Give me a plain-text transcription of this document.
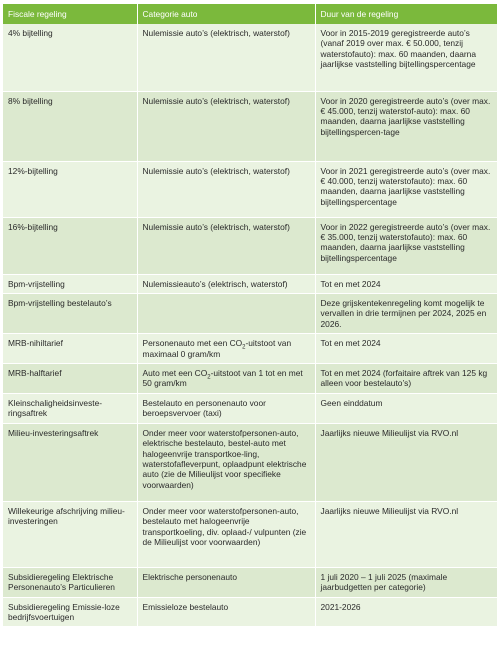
Fiscale regeling	Categorie auto	Duur van de regeling
4% bijtelling	Nulemissie auto’s (elektrisch, waterstof)	Voor in 2015-2019 geregistreerde auto’s (vanaf 2019 over max. € 50.000, tenzij waterstofauto): max. 60 maanden, daarna jaarlijkse vaststelling bijtellingspercentage
8% bijtelling	Nulemissie auto’s (elektrisch, waterstof)	Voor in 2020 geregistreerde auto’s (over max. € 45.000, tenzij waterstof-auto): max. 60 maanden, daarna jaarlijkse vaststelling bijtellingspercen-tage
12%-bijtelling	Nulemissie auto’s (elektrisch, waterstof)	Voor in 2021 geregistreerde auto’s (over max. € 40.000, tenzij waterstofauto): max. 60 maanden, daarna jaarlijkse vaststelling bijtellingspercentage
16%-bijtelling	Nulemissie auto’s (elektrisch, waterstof)	Voor in 2022 geregistreerde auto’s (over max. € 35.000, tenzij waterstofauto): max. 60 maanden, daarna jaarlijkse vaststelling bijtellingspercentage
Bpm-vrijstelling	Nulemissieauto’s (elektrisch, waterstof)	Tot en met 2024
Bpm-vrijstelling bestelauto’s		Deze grijskentekenregeling komt mogelijk te vervallen in drie termijnen per 2024, 2025 en 2026.
MRB-nihiltarief	Personenauto met een $CO_2$-uitstoot van maximaal 0 gram/km	Tot en met 2024
MRB-halftarief	Auto met een $CO_2$-uitstoot van 1 tot en met 50 gram/km	Tot en met 2024 (forfaitaire aftrek van 125 kg alleen voor bestelauto’s)
Kleinschaligheidsinveste-ringsaftrek	Bestelauto en personenauto voor beroepsvervoer (taxi)	Geen einddatum
Milieu-investeringsaftrek	Onder meer voor waterstofpersonen-auto, elektrische bestelauto, bestel-auto met halogeenvrije transportkoe-ling, waterstofafleverpunt, oplaadpunt elektrische auto (zie de Milieulijst voor specifieke voorwaarden)	Jaarlijks nieuwe Milieulijst via RVO.nl
Willekeurige afschrijving milieu-investeringen	Onder meer voor waterstofpersonen-auto, bestelauto met halogeenvrije transportkoeling, div. oplaad-/ vulpunten (zie de Milieulijst voor voorwaarden)	Jaarlijks nieuwe Milieulijst via RVO.nl
Subsidieregeling Elektrische Personenauto’s Particulieren	Elektrische personenauto	1 juli 2020 – 1 juli 2025 (maximale jaarbudgetten per categorie)
Subsidieregeling Emissie-loze bedrijfsvoertuigen	Emissieloze bestelauto	2021-2026
